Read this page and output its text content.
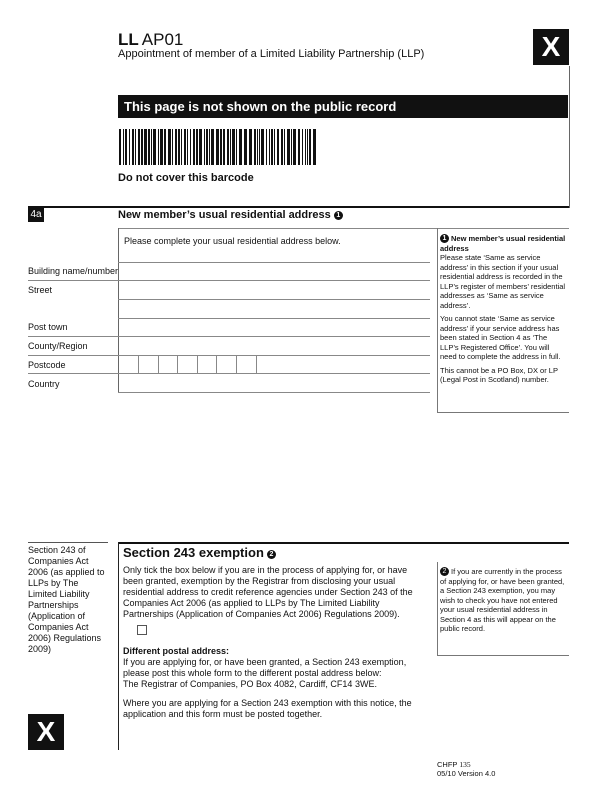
LL AP01
Appointment of member of a Limited Liability Partnership (LLP)	X
This page is not shown on the public record
Do not cover this barcode
4a	New member’s usual residential address 1
Please complete your usual residential address below.
Building name/number
Street
Post town
County/Region
Postcode
Country
1 New member’s usual residential address

Please state ‘Same as service address’ in this section if your usual residential address is recorded in the LLP’s register of members’ residential addresses as ‘Same as service address’.

You cannot state ‘Same as service address’ if your service address has been stated in Section 4 as ‘The LLP’s Registered Office’. You will need to complete the address in full.

This cannot be a PO Box, DX or LP (Legal Post in Scotland) number.

Section 243 of Companies Act 2006 (as applied to LLPs by The Limited Liability Partnerships (Application of Companies Act 2006) Regulations 2009)
Section 243 exemption 2
Only tick the box below if you are in the process of applying for, or have been granted, exemption by the Registrar from disclosing your usual residential address to credit reference agencies under Section 243 of the Companies Act 2006 (as applied to LLPs by The Limited Liability Partnerships (Application of Companies Act 2006) Regulations 2009).
Different postal address:
If you are applying for, or have been granted, a Section 243 exemption, please post this whole form to the different postal address below:
The Registrar of Companies, PO Box 4082, Cardiff, CF14 3WE.
Where you are applying for a Section 243 exemption with this notice, the application and this form must be posted together.

2 If you are currently in the process of applying for, or have been granted, a Section 243 exemption, you may wish to check you have not entered your usual residential address in Section 4 as this will appear on the public record.

X
CHFP 135
05/10 Version 4.0
